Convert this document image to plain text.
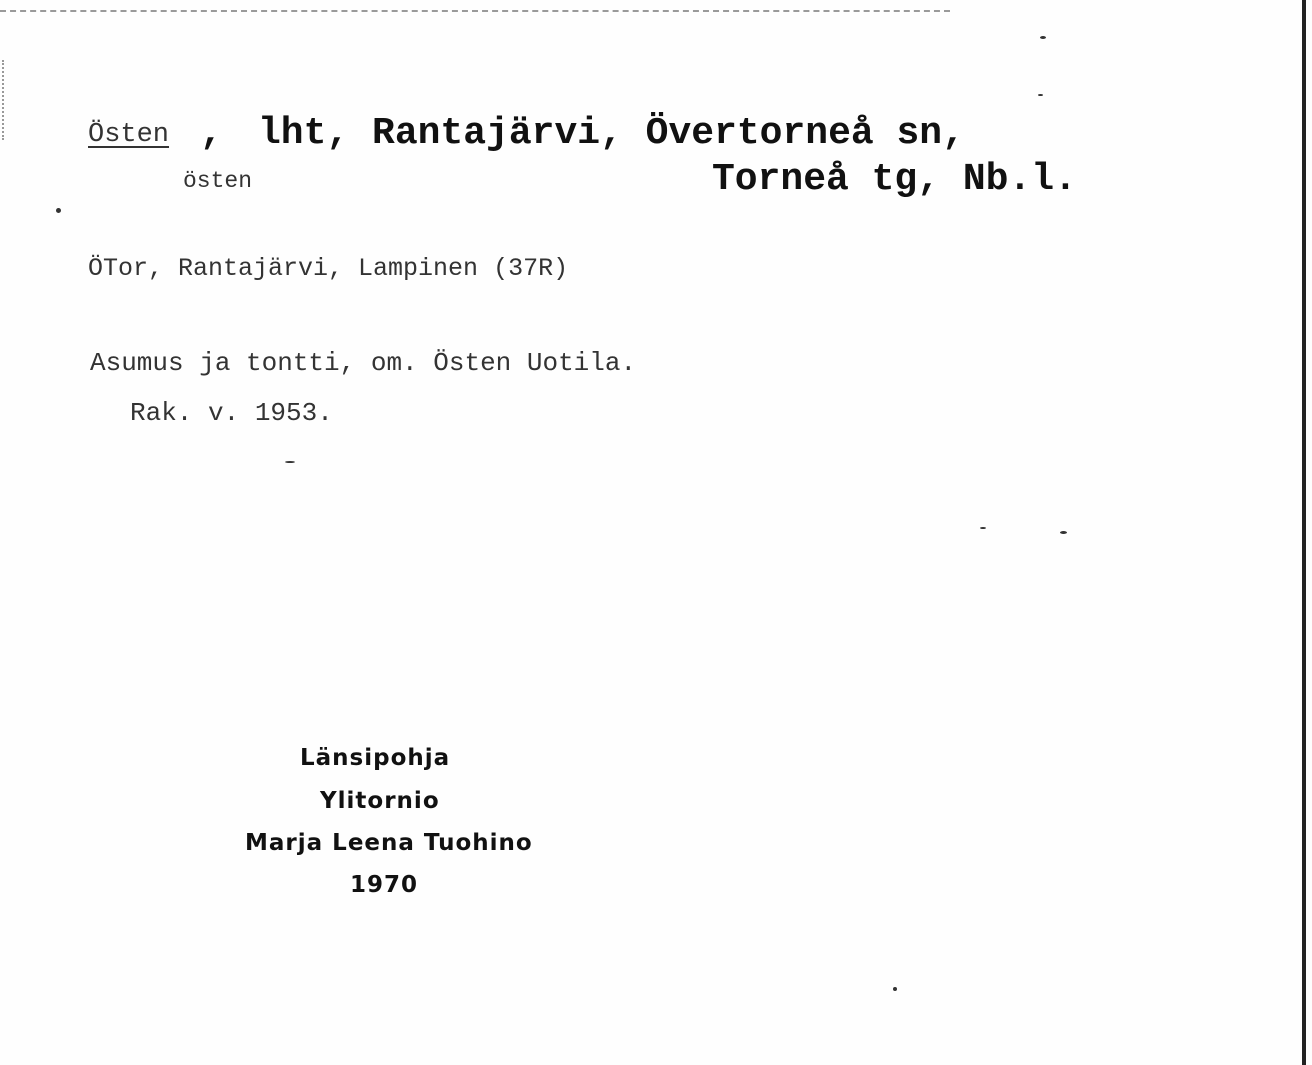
Östen , lht, Rantajärvi, Övertorneå sn,
östen	Torneå tg, Nb.l.
ÖTor, Rantajärvi, Lampinen (37R)
Asumus ja tontti, om. Östen Uotila.
Rak. v. 1953.
Länsipohja
Ylitornio
Marja Leena Tuohino
1970
